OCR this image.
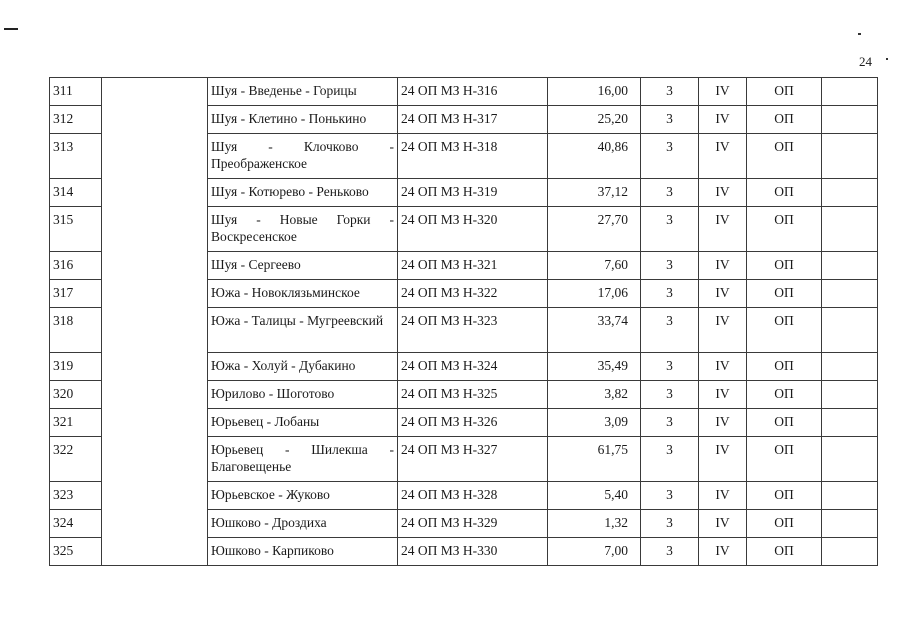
24
311		Шуя - Введенье - Горицы	24 ОП МЗ Н-316	16,00	3	IV	ОП	
312		Шуя - Клетино - Понькино	24 ОП МЗ Н-317	25,20	3	IV	ОП	
313		Шуя - Клочково - Преображенское	24 ОП МЗ Н-318	40,86	3	IV	ОП	
314		Шуя - Котюрево - Реньково	24 ОП МЗ Н-319	37,12	3	IV	ОП	
315		Шуя - Новые Горки - Воскресенское	24 ОП МЗ Н-320	27,70	3	IV	ОП	
316		Шуя - Сергеево	24 ОП МЗ Н-321	7,60	3	IV	ОП	
317		Южа - Новоклязьминское	24 ОП МЗ Н-322	17,06	3	IV	ОП	
318		Южа - Талицы - Мугреевский	24 ОП МЗ Н-323	33,74	3	IV	ОП	
319		Южа - Холуй - Дубакино	24 ОП МЗ Н-324	35,49	3	IV	ОП	
320		Юрилово - Шоготово	24 ОП МЗ Н-325	3,82	3	IV	ОП	
321		Юрьевец - Лобаны	24 ОП МЗ Н-326	3,09	3	IV	ОП	
322		Юрьевец - Шилекша - Благовещенье	24 ОП МЗ Н-327	61,75	3	IV	ОП	
323		Юрьевское - Жуково	24 ОП МЗ Н-328	5,40	3	IV	ОП	
324		Юшково - Дроздиха	24 ОП МЗ Н-329	1,32	3	IV	ОП	
325		Юшково - Карпиково	24 ОП МЗ Н-330	7,00	3	IV	ОП	
